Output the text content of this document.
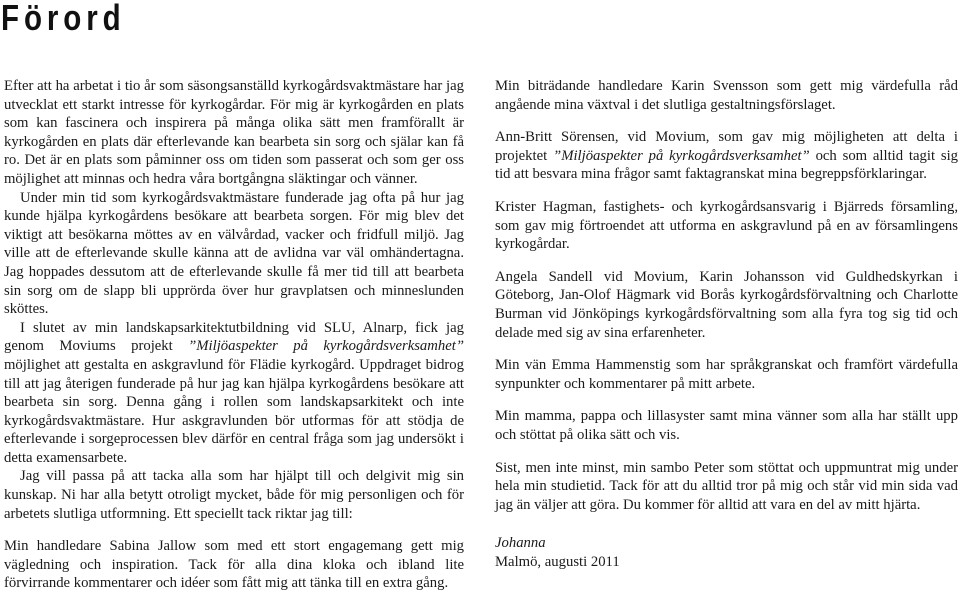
Förord

Efter att ha arbetat i tio år som säsongsanställd kyrkogårdsvaktmästare har jag utvecklat ett starkt intresse för kyrkogårdar. För mig är kyrkogården en plats som kan fascinera och inspirera på många olika sätt men framförallt är kyrkogården en plats där efterlevande kan bearbeta sin sorg och själar kan få ro. Det är en plats som påminner oss om tiden som passerat och som ger oss möjlighet att minnas och hedra våra bortgångna släktingar och vänner.

Under min tid som kyrkogårdsvaktmästare funderade jag ofta på hur jag kunde hjälpa kyrkogårdens besökare att bearbeta sorgen. För mig blev det viktigt att besökarna möttes av en välvårdad, vacker och fridfull miljö. Jag ville att de efterlevande skulle känna att de avlidna var väl omhändertagna. Jag hoppades dessutom att de efterlevande skulle få mer tid till att bearbeta sin sorg om de slapp bli upprörda över hur gravplatsen och minneslunden sköttes.

I slutet av min landskapsarkitektutbildning vid SLU, Alnarp, fick jag genom Moviums projekt ”Miljöaspekter på kyrkogårdsverksamhet” möjlighet att gestalta en askgravlund för Flädie kyrkogård. Uppdraget bidrog till att jag återigen funderade på hur jag kan hjälpa kyrkogårdens besökare att bearbeta sin sorg. Denna gång i rollen som landskapsarkitekt och inte kyrkogårdsvaktmästare. Hur askgravlunden bör utformas för att stödja de efterlevande i sorgeprocessen blev därför en central fråga som jag undersökt i detta examensarbete.

Jag vill passa på att tacka alla som har hjälpt till och delgivit mig sin kunskap. Ni har alla betytt otroligt mycket, både för mig personligen och för arbetets slutliga utformning. Ett speciellt tack riktar jag till:

Min handledare Sabina Jallow som med ett stort engagemang gett mig vägledning och inspiration. Tack för alla dina kloka och ibland lite förvirrande kommentarer och idéer som fått mig att tänka till en extra gång.

Min biträdande handledare Karin Svensson som gett mig värdefulla råd angående mina växtval i det slutliga gestaltningsförslaget.

Ann-Britt Sörensen, vid Movium, som gav mig möjligheten att delta i projektet ”Miljöaspekter på kyrkogårdsverksamhet” och som alltid tagit sig tid att besvara mina frågor samt faktagranskat mina begreppsförklaringar.

Krister Hagman, fastighets- och kyrkogårdsansvarig i Bjärreds församling, som gav mig förtroendet att utforma en askgravlund på en av församlingens kyrkogårdar.

Angela Sandell vid Movium, Karin Johansson vid Guldhedskyrkan i Göteborg, Jan-Olof Hägmark vid Borås kyrkogårdsförvaltning och Charlotte Burman vid Jönköpings kyrkogårdsförvaltning som alla fyra tog sig tid och delade med sig av sina erfarenheter.

Min vän Emma Hammenstig som har språkgranskat och framfört värdefulla synpunkter och kommentarer på mitt arbete.

Min mamma, pappa och lillasyster samt mina vänner som alla har ställt upp och stöttat på olika sätt och vis.

Sist, men inte minst, min sambo Peter som stöttat och uppmuntrat mig under hela min studietid. Tack för att du alltid tror på mig och står vid min sida vad jag än väljer att göra. Du kommer för alltid att vara en del av mitt hjärta.

Johanna

Malmö, augusti 2011
